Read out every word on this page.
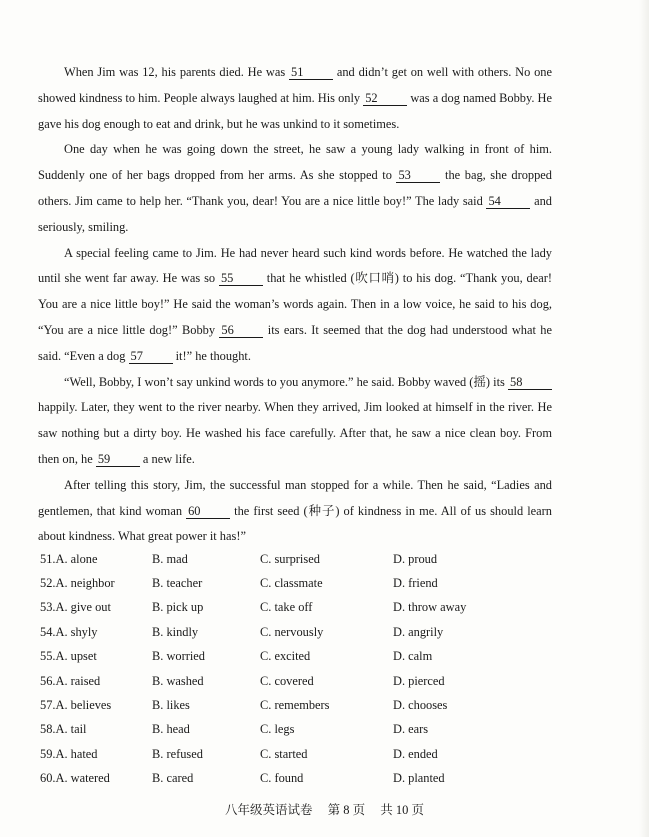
When Jim was 12, his parents died. He was 51 and didn’t get on well with others. No one showed kindness to him. People always laughed at him. His only 52 was a dog named Bobby. He gave his dog enough to eat and drink, but he was unkind to it sometimes.

One day when he was going down the street, he saw a young lady walking in front of him. Suddenly one of her bags dropped from her arms. As she stopped to 53 the bag, she dropped others. Jim came to help her. “Thank you, dear! You are a nice little boy!” The lady said 54 and seriously, smiling.

A special feeling came to Jim. He had never heard such kind words before. He watched the lady until she went far away. He was so 55 that he whistled (吹口哨) to his dog. “Thank you, dear! You are a nice little boy!” He said the woman’s words again. Then in a low voice, he said to his dog, “You are a nice little dog!” Bobby 56 its ears. It seemed that the dog had understood what he said. “Even a dog 57 it!” he thought.

“Well, Bobby, I won’t say unkind words to you anymore.” he said. Bobby waved (摇) its 58 happily. Later, they went to the river nearby. When they arrived, Jim looked at himself in the river. He saw nothing but a dirty boy. He washed his face carefully. After that, he saw a nice clean boy. From then on, he 59 a new life.

After telling this story, Jim, the successful man stopped for a while. Then he said, “Ladies and gentlemen, that kind woman 60 the first seed (种子) of kindness in me. All of us should learn about kindness. What great power it has!”

51.A. alone	B. mad	C. surprised	D. proud
52.A. neighbor	B. teacher	C. classmate	D. friend
53.A. give out	B. pick up	C. take off	D. throw away
54.A. shyly	B. kindly	C. nervously	D. angrily
55.A. upset	B. worried	C. excited	D. calm
56.A. raised	B. washed	C. covered	D. pierced
57.A. believes	B. likes	C. remembers	D. chooses
58.A. tail	B. head	C. legs	D. ears
59.A. hated	B. refused	C. started	D. ended
60.A. watered	B. cared	C. found	D. planted
八年级英语试卷 第 8 页 共 10 页
